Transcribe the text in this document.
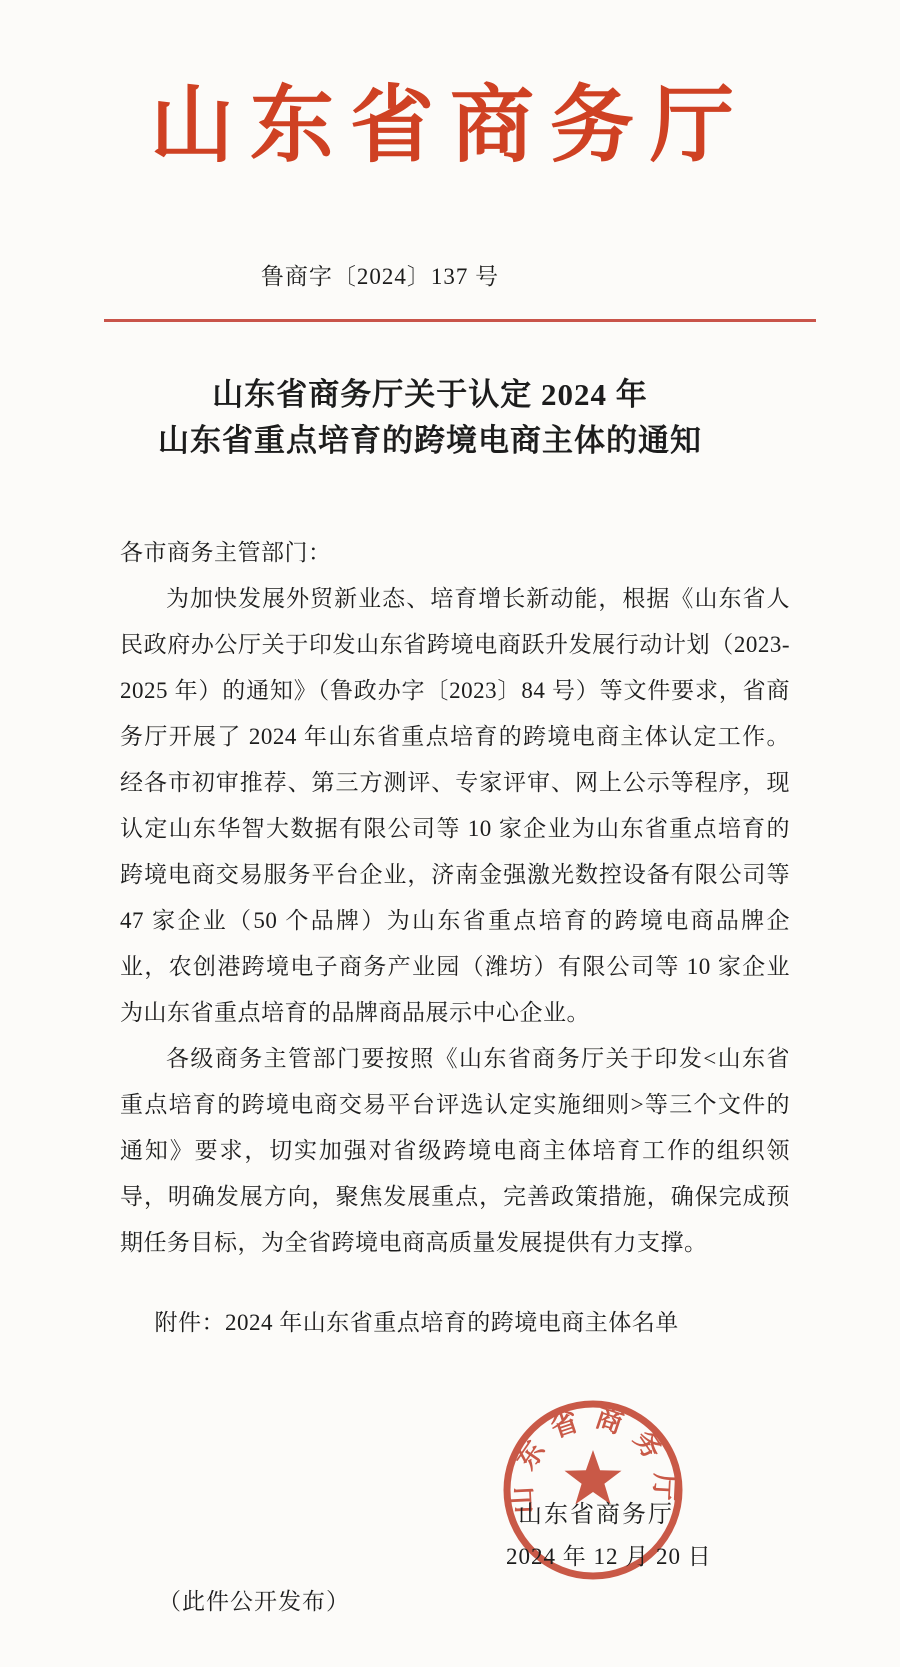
山东省商务厅
鲁商字〔2024〕137 号
山东省商务厅关于认定 2024 年
山东省重点培育的跨境电商主体的通知

各市商务主管部门：

为加快发展外贸新业态、培育增长新动能，根据《山东省人民政府办公厅关于印发山东省跨境电商跃升发展行动计划（2023-2025 年）的通知》（鲁政办字〔2023〕84 号）等文件要求，省商务厅开展了 2024 年山东省重点培育的跨境电商主体认定工作。经各市初审推荐、第三方测评、专家评审、网上公示等程序，现认定山东华智大数据有限公司等 10 家企业为山东省重点培育的跨境电商交易服务平台企业，济南金强激光数控设备有限公司等 47 家企业（50 个品牌）为山东省重点培育的跨境电商品牌企业，农创港跨境电子商务产业园（潍坊）有限公司等 10 家企业为山东省重点培育的品牌商品展示中心企业。

各级商务主管部门要按照《山东省商务厅关于印发<山东省重点培育的跨境电商交易平台评选认定实施细则>等三个文件的通知》要求，切实加强对省级跨境电商主体培育工作的组织领导，明确发展方向，聚焦发展重点，完善政策措施，确保完成预期任务目标，为全省跨境电商高质量发展提供有力支撑。

附件：2024 年山东省重点培育的跨境电商主体名单
山东省商务厅
山东省商务厅
2024 年 12 月 20 日
（此件公开发布）
